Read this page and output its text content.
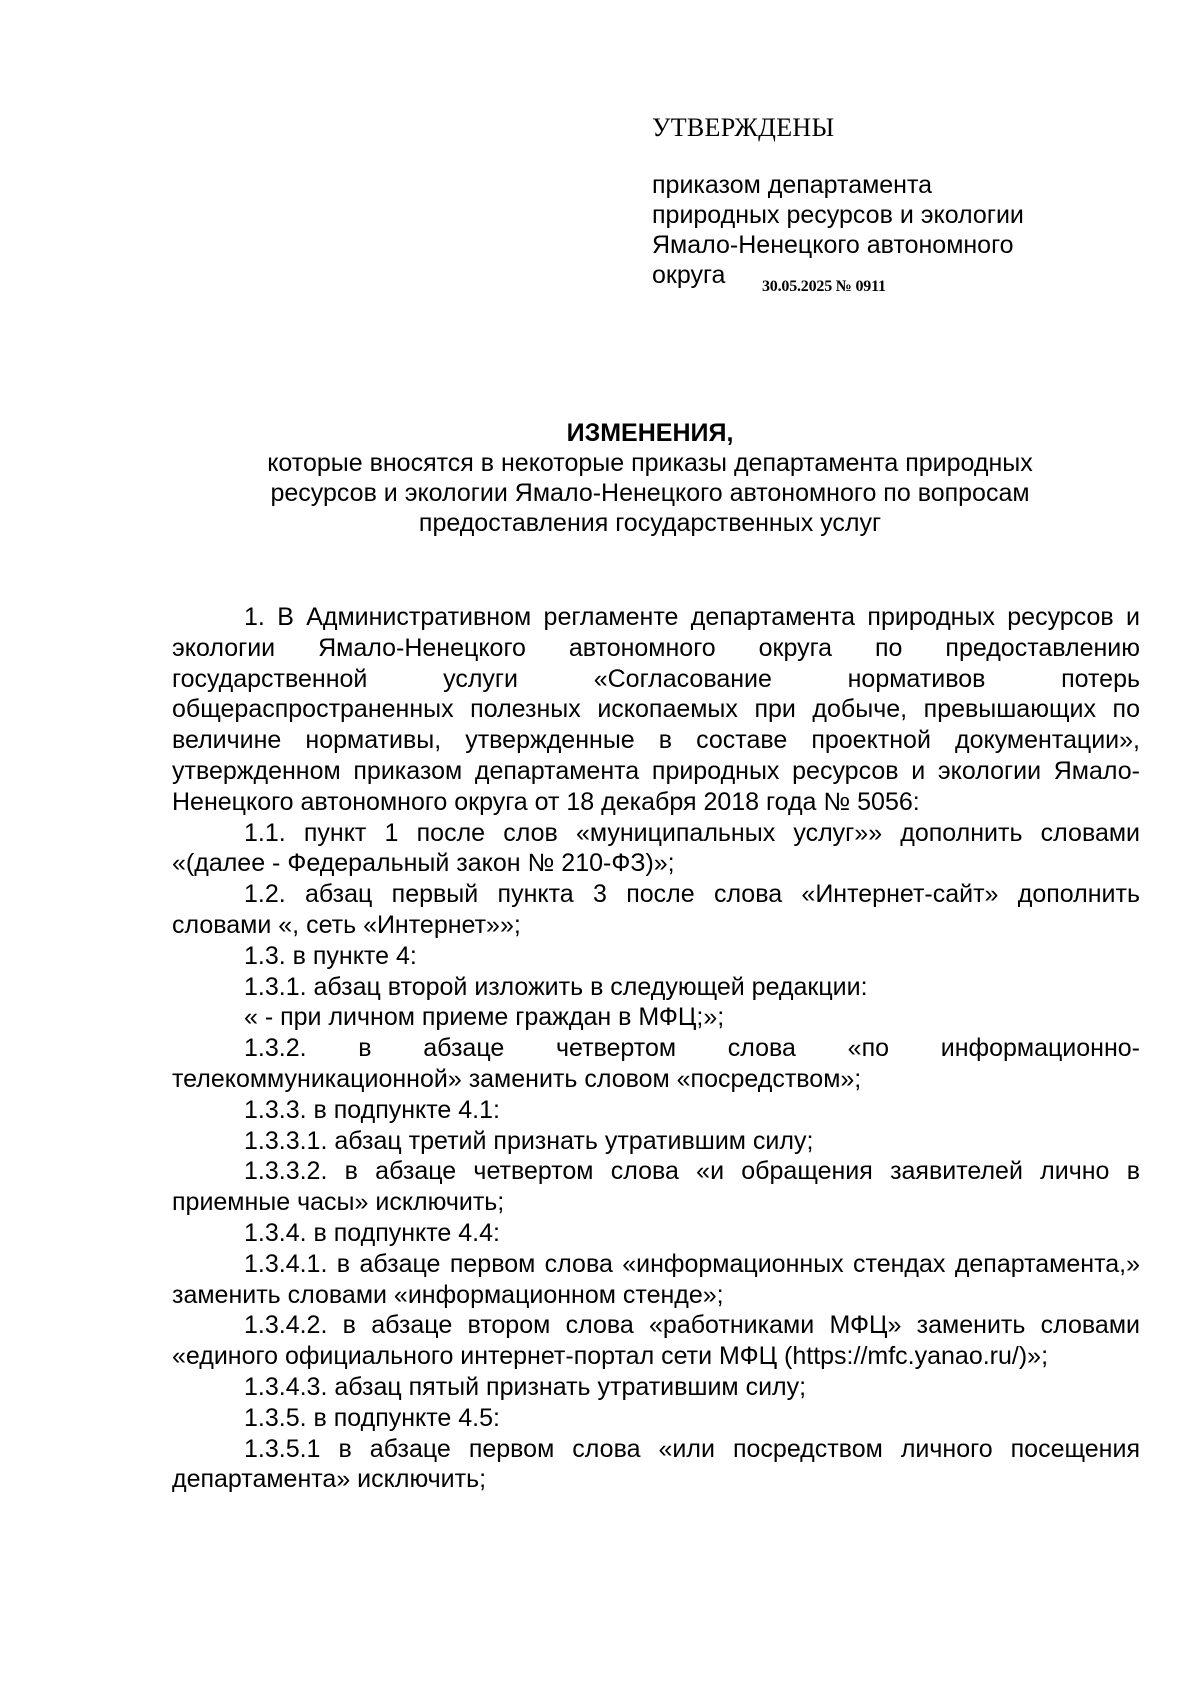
УТВЕРЖДЕНЫ
приказом департамента
природных ресурсов и экологии
Ямало-Ненецкого автономного
округа 30.05.2025 № 0911
ИЗМЕНЕНИЯ,
которые вносятся в некоторые приказы департамента природных
ресурсов и экологии Ямало-Ненецкого автономного по вопросам
предоставления государственных услуг

1. В Административном регламенте департамента природных ресурсов и экологии Ямало-Ненецкого автономного округа по предоставлению государственной услуги «Согласование нормативов потерь общераспространенных полезных ископаемых при добыче, превышающих по величине нормативы, утвержденные в составе проектной документации», утвержденном приказом департамента природных ресурсов и экологии Ямало-Ненецкого автономного округа от 18 декабря 2018 года № 5056:

1.1. пункт 1 после слов «муниципальных услуг»» дополнить словами «(далее - Федеральный закон № 210-ФЗ)»;

1.2. абзац первый пункта 3 после слова «Интернет-сайт» дополнить словами «, сеть «Интернет»»;

1.3. в пункте 4:

1.3.1. абзац второй изложить в следующей редакции:

« - при личном приеме граждан в МФЦ;»;

1.3.2. в абзаце четвертом слова «по информационно-телекоммуникационной» заменить словом «посредством»;

1.3.3. в подпункте 4.1:

1.3.3.1. абзац третий признать утратившим силу;

1.3.3.2. в абзаце четвертом слова «и обращения заявителей лично в приемные часы» исключить;

1.3.4. в подпункте 4.4:

1.3.4.1. в абзаце первом слова «информационных стендах департамента,» заменить словами «информационном стенде»;

1.3.4.2. в абзаце втором слова «работниками МФЦ» заменить словами «единого официального интернет-портал сети МФЦ (https://mfc.yanao.ru/)»;

1.3.4.3. абзац пятый признать утратившим силу;

1.3.5. в подпункте 4.5:

1.3.5.1 в абзаце первом слова «или посредством личного посещения департамента» исключить;
